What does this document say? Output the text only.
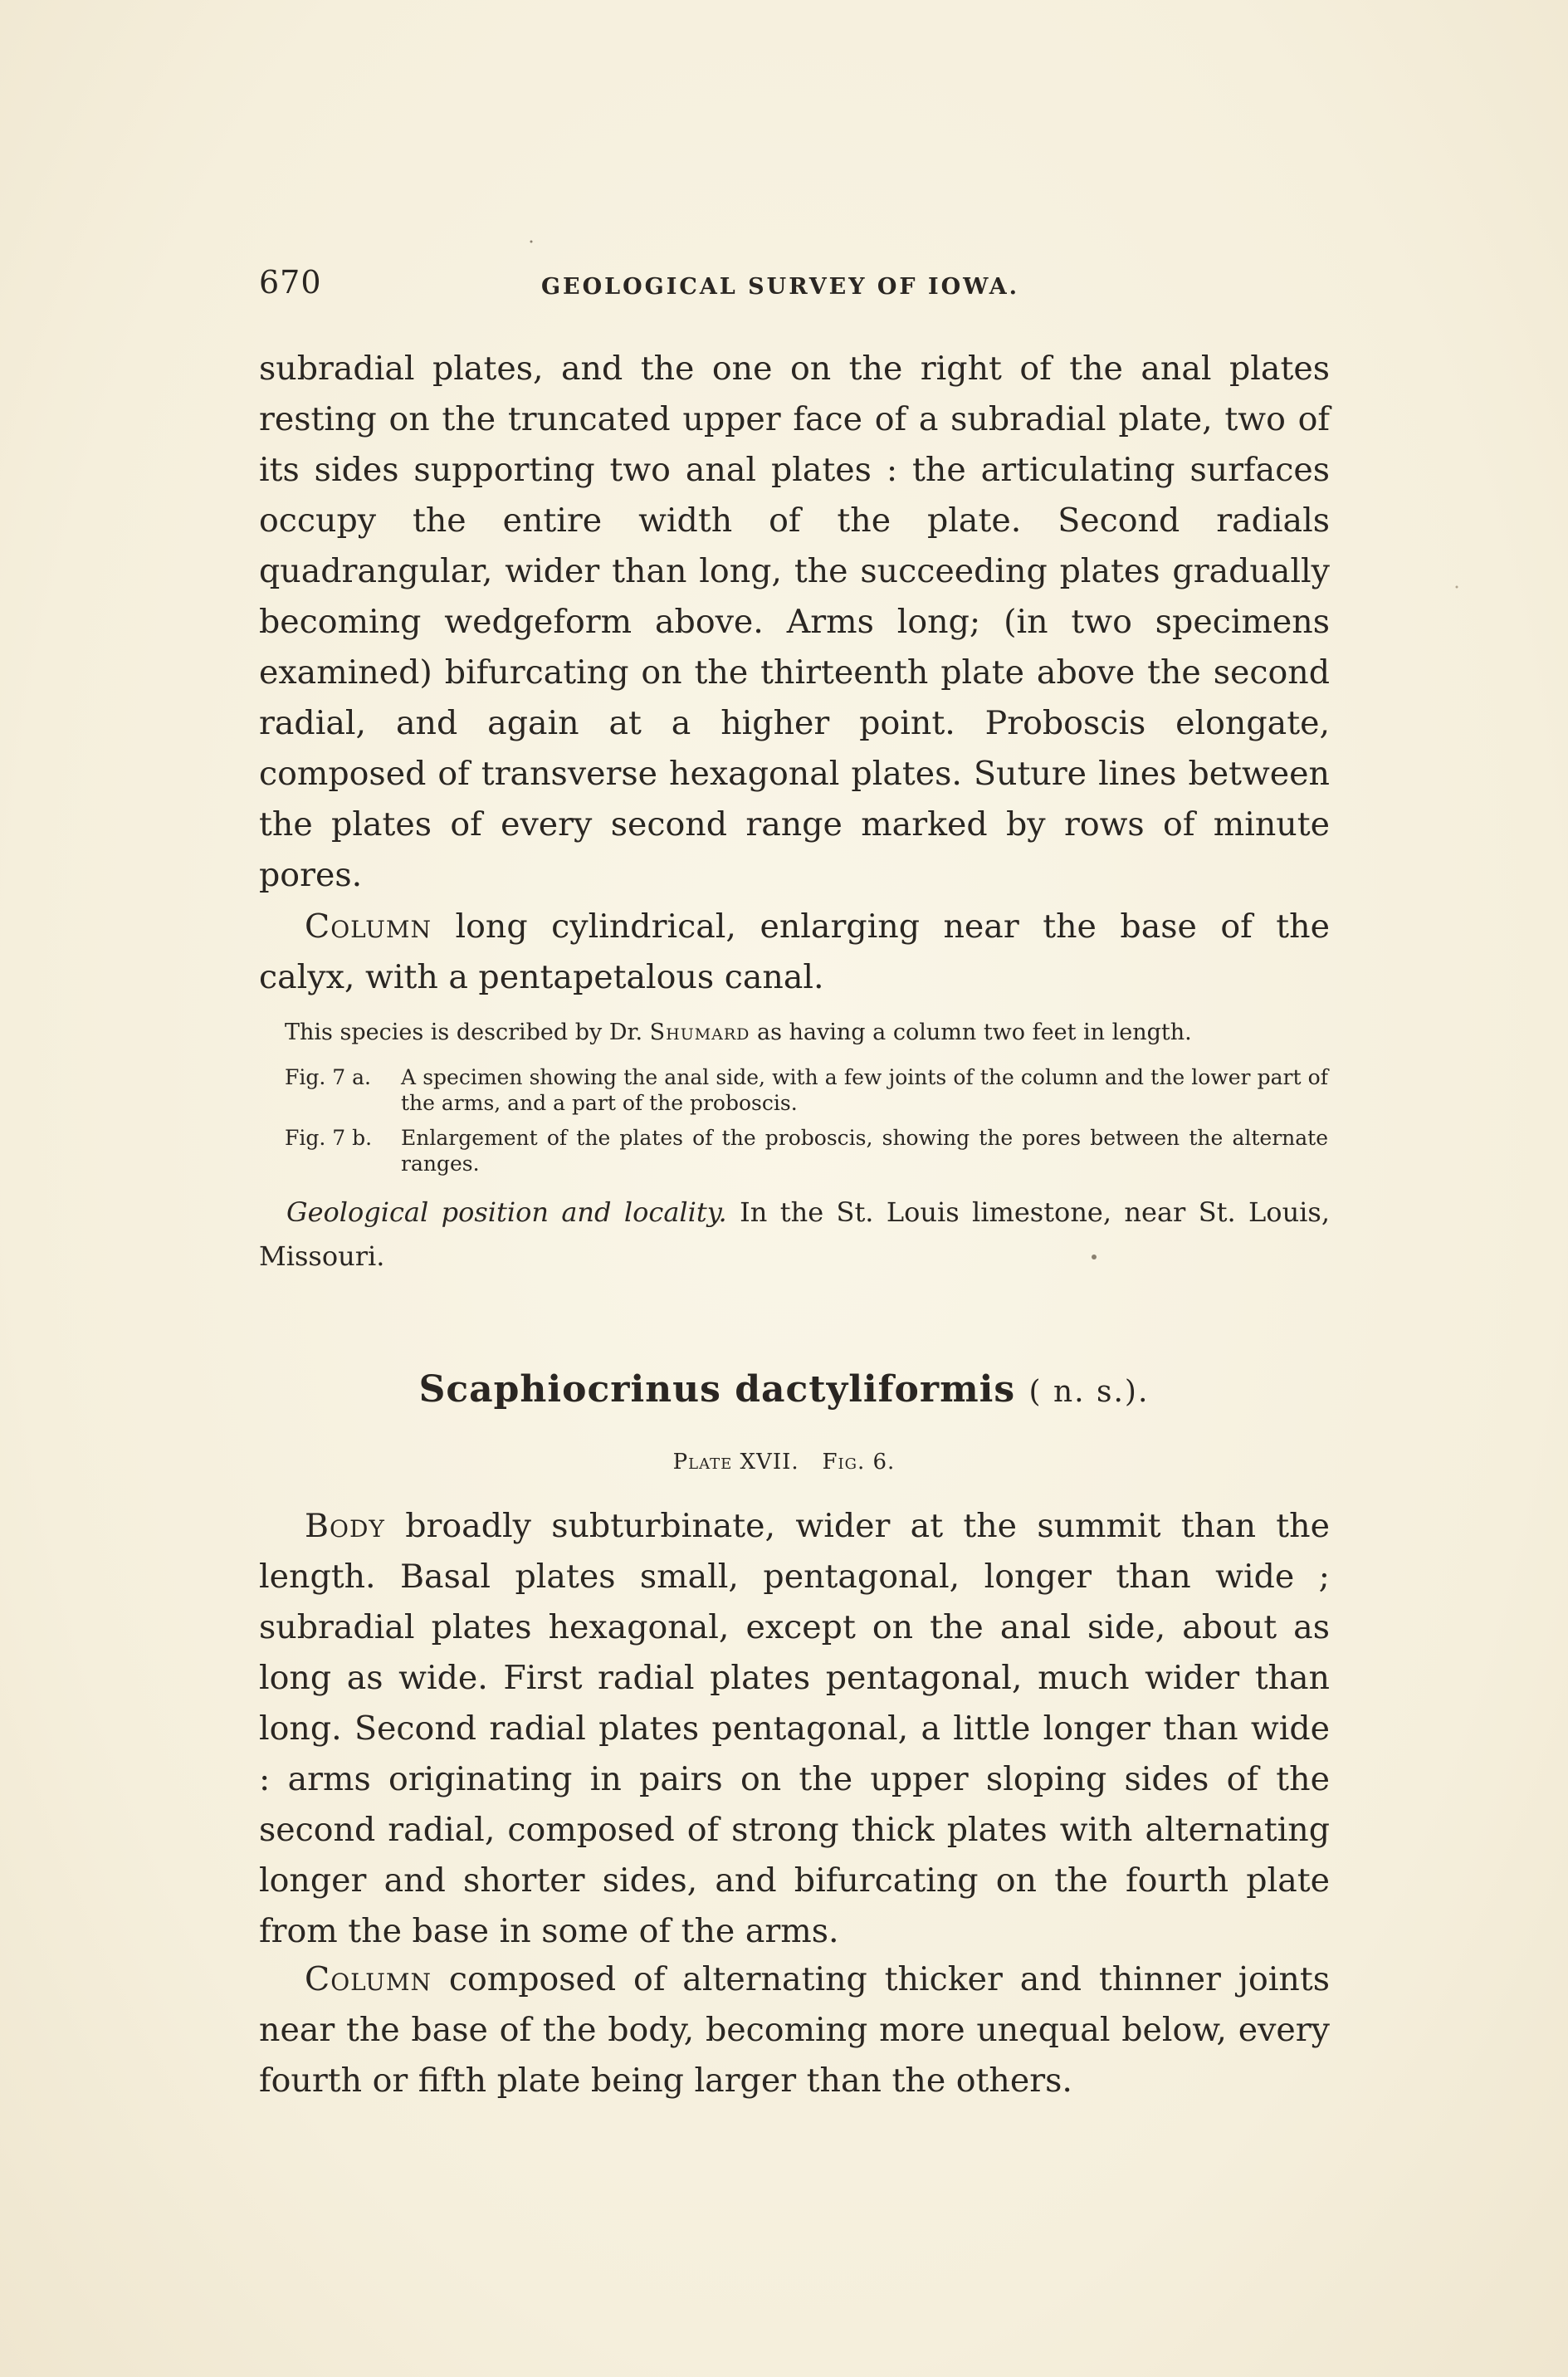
670	GEOLOGICAL SURVEY OF IOWA.

subradial plates, and the one on the right of the anal plates resting on the truncated upper face of a subradial plate, two of its sides supporting two anal plates : the articulating surfaces occupy the entire width of the plate. Second radials quadrangular, wider than long, the succeeding plates gradually becoming wedgeform above. Arms long; (in two specimens examined) bifurcating on the thirteenth plate above the second radial, and again at a higher point. Proboscis elongate, composed of transverse hexagonal plates. Suture lines between the plates of every second range marked by rows of minute pores.

Column long cylindrical, enlarging near the base of the calyx, with a pentapetalous canal.

This species is described by Dr. Shumard as having a column two feet in length.

Fig. 7 a. A specimen showing the anal side, with a few joints of the column and the lower part of the arms, and a part of the proboscis.

Fig. 7 b. Enlargement of the plates of the proboscis, showing the pores between the alternate ranges.

Geological position and locality. In the St. Louis limestone, near St. Louis, Missouri.

Scaphiocrinus dactyliformis ( n. s.).
Plate XVII. Fig. 6.

Body broadly subturbinate, wider at the summit than the length. Basal plates small, pentagonal, longer than wide ; subradial plates hexagonal, except on the anal side, about as long as wide. First radial plates pentagonal, much wider than long. Second radial plates pentagonal, a little longer than wide : arms originating in pairs on the upper sloping sides of the second radial, composed of strong thick plates with alternating longer and shorter sides, and bifurcating on the fourth plate from the base in some of the arms.

Column composed of alternating thicker and thinner joints near the base of the body, becoming more unequal below, every fourth or fifth plate being larger than the others.
